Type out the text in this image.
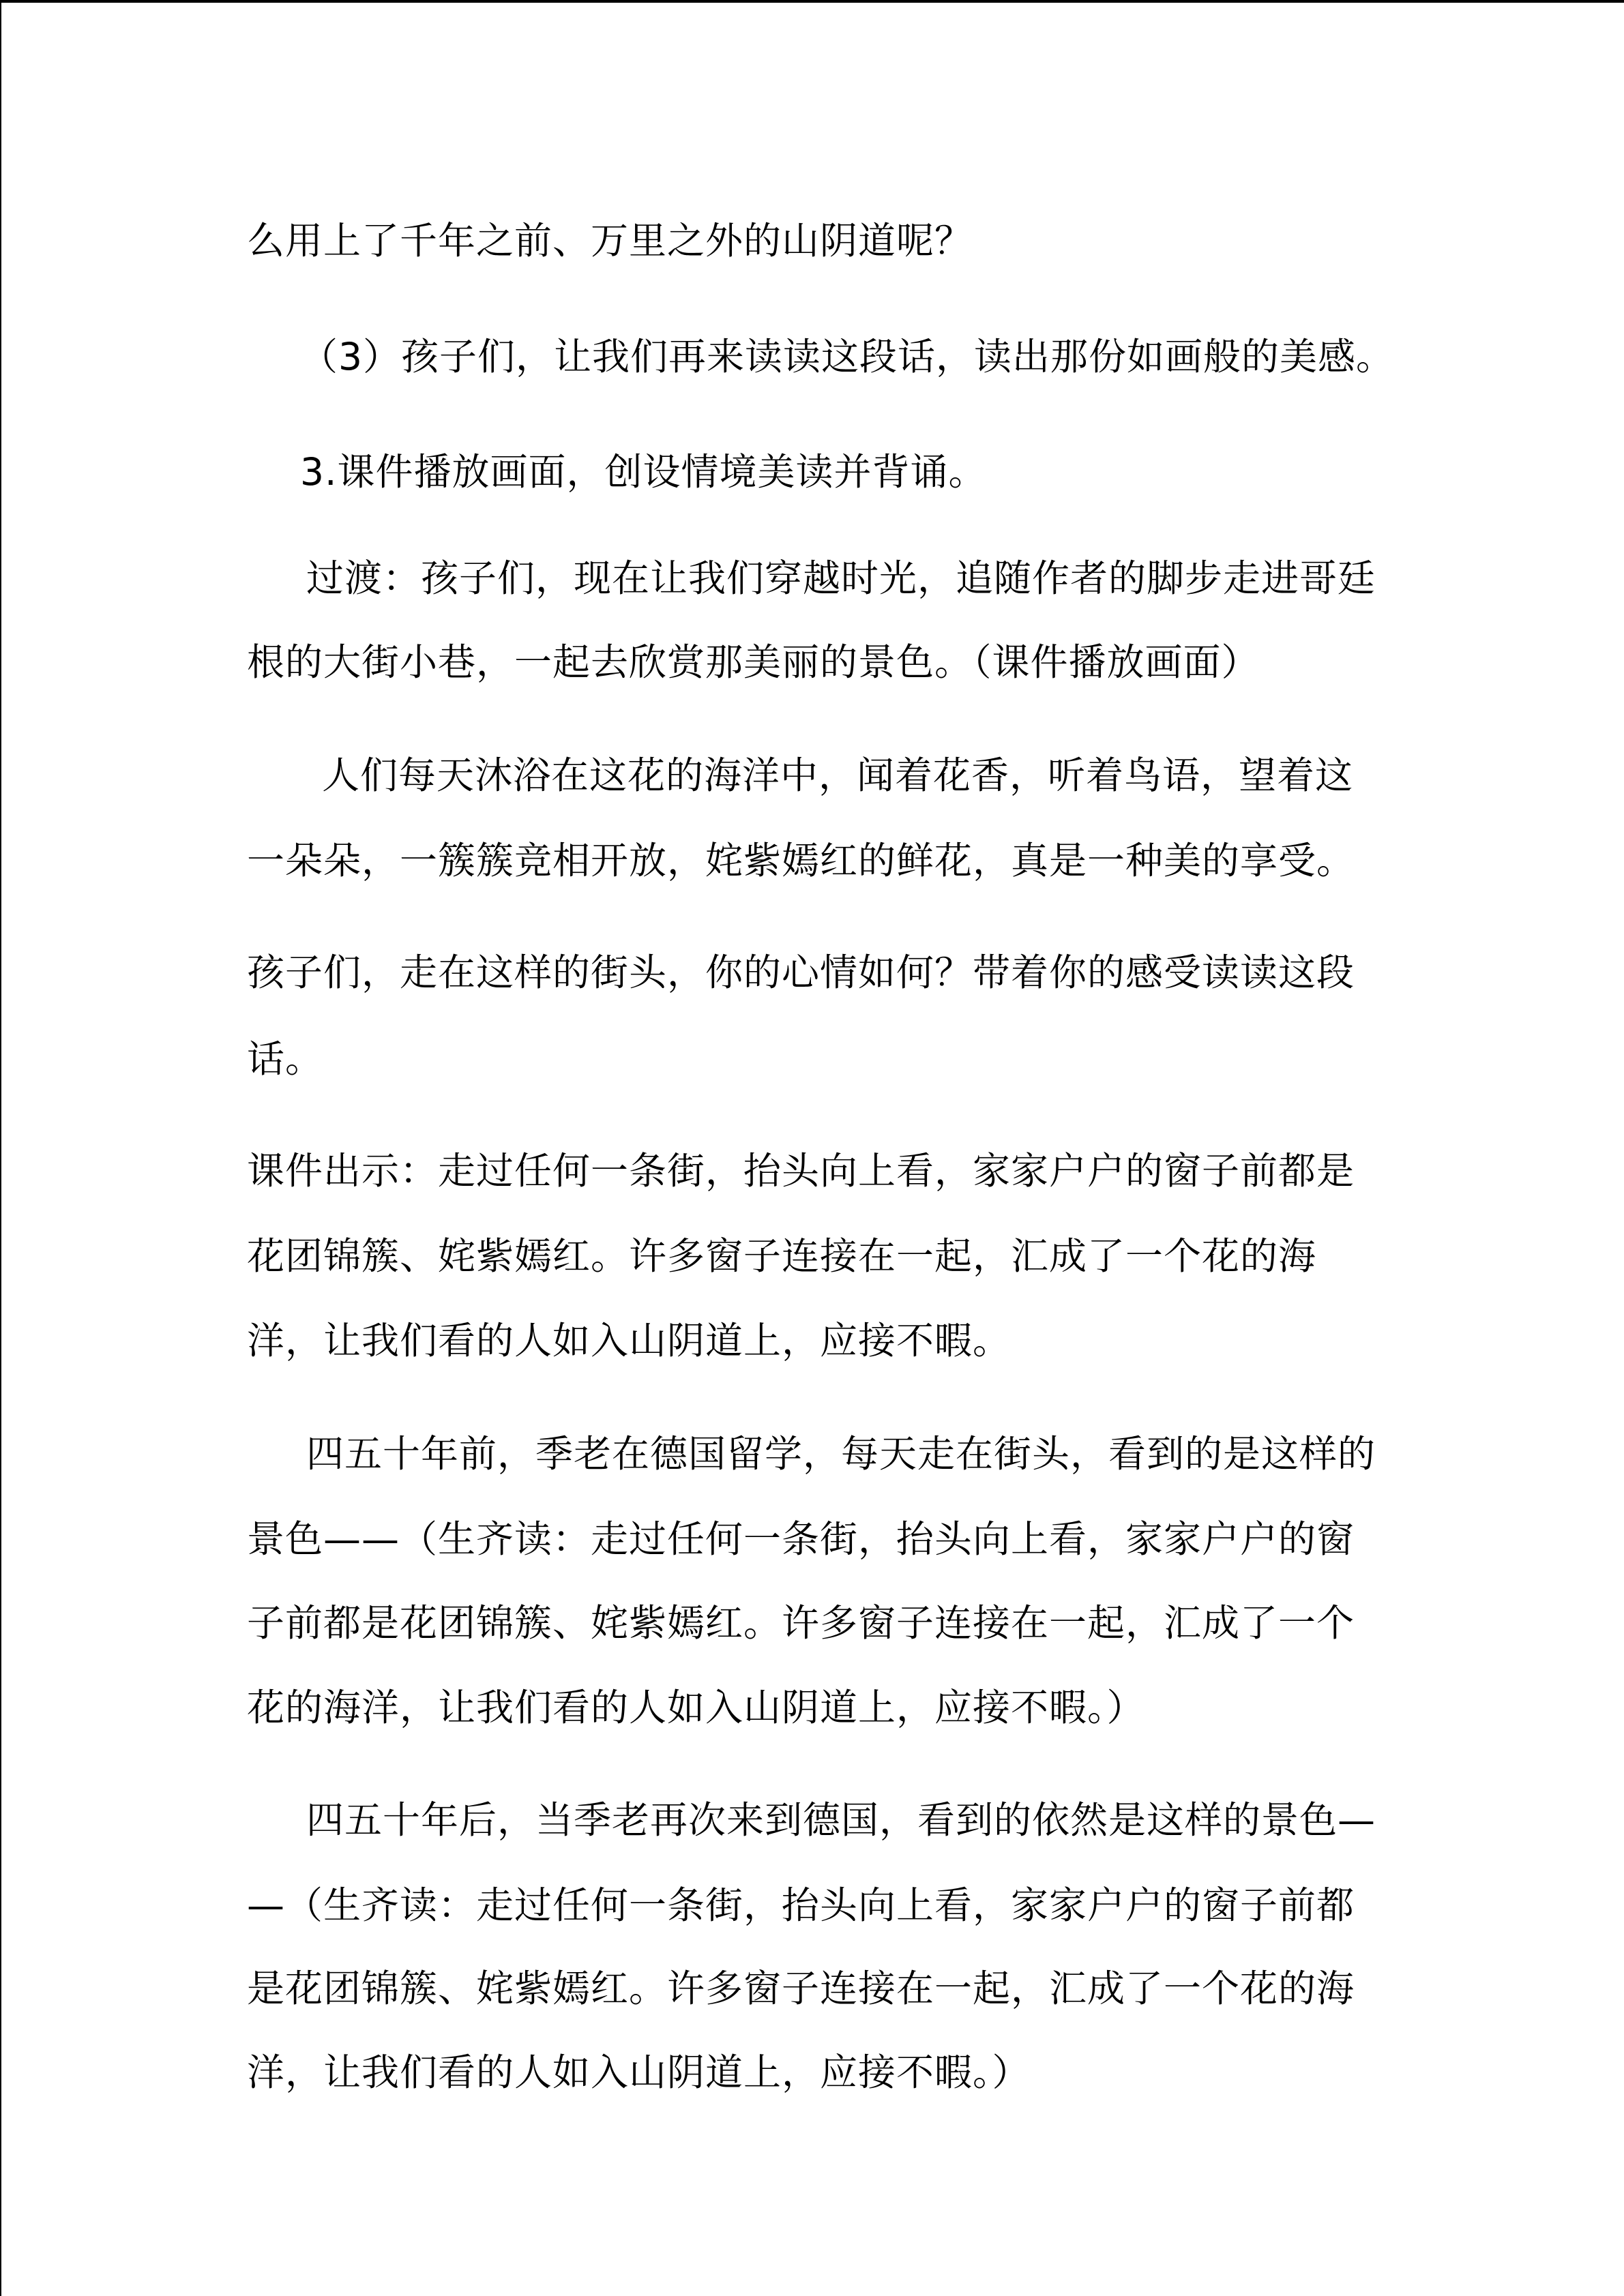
么用上了千年之前、万里之外的山阴道呢？
（3）孩子们，让我们再来读读这段话，读出那份如画般的美感。
3.课件播放画面，创设情境美读并背诵。
过渡：孩子们，现在让我们穿越时光，追随作者的脚步走进哥廷
根的大街小巷，一起去欣赏那美丽的景色。（课件播放画面）
人们每天沐浴在这花的海洋中，闻着花香，听着鸟语，望着这
一朵朵，一簇簇竞相开放，姹紫嫣红的鲜花，真是一种美的享受。
孩子们，走在这样的街头，你的心情如何？带着你的感受读读这段
话。
课件出示：走过任何一条街，抬头向上看，家家户户的窗子前都是
花团锦簇、姹紫嫣红。许多窗子连接在一起，汇成了一个花的海
洋，让我们看的人如入山阴道上，应接不暇。
四五十年前，季老在德国留学，每天走在街头，看到的是这样的
景色——（生齐读：走过任何一条街，抬头向上看，家家户户的窗
子前都是花团锦簇、姹紫嫣红。许多窗子连接在一起，汇成了一个
花的海洋，让我们看的人如入山阴道上，应接不暇。）
四五十年后，当季老再次来到德国，看到的依然是这样的景色—
—（生齐读：走过任何一条街，抬头向上看，家家户户的窗子前都
是花团锦簇、姹紫嫣红。许多窗子连接在一起，汇成了一个花的海
洋，让我们看的人如入山阴道上，应接不暇。）
